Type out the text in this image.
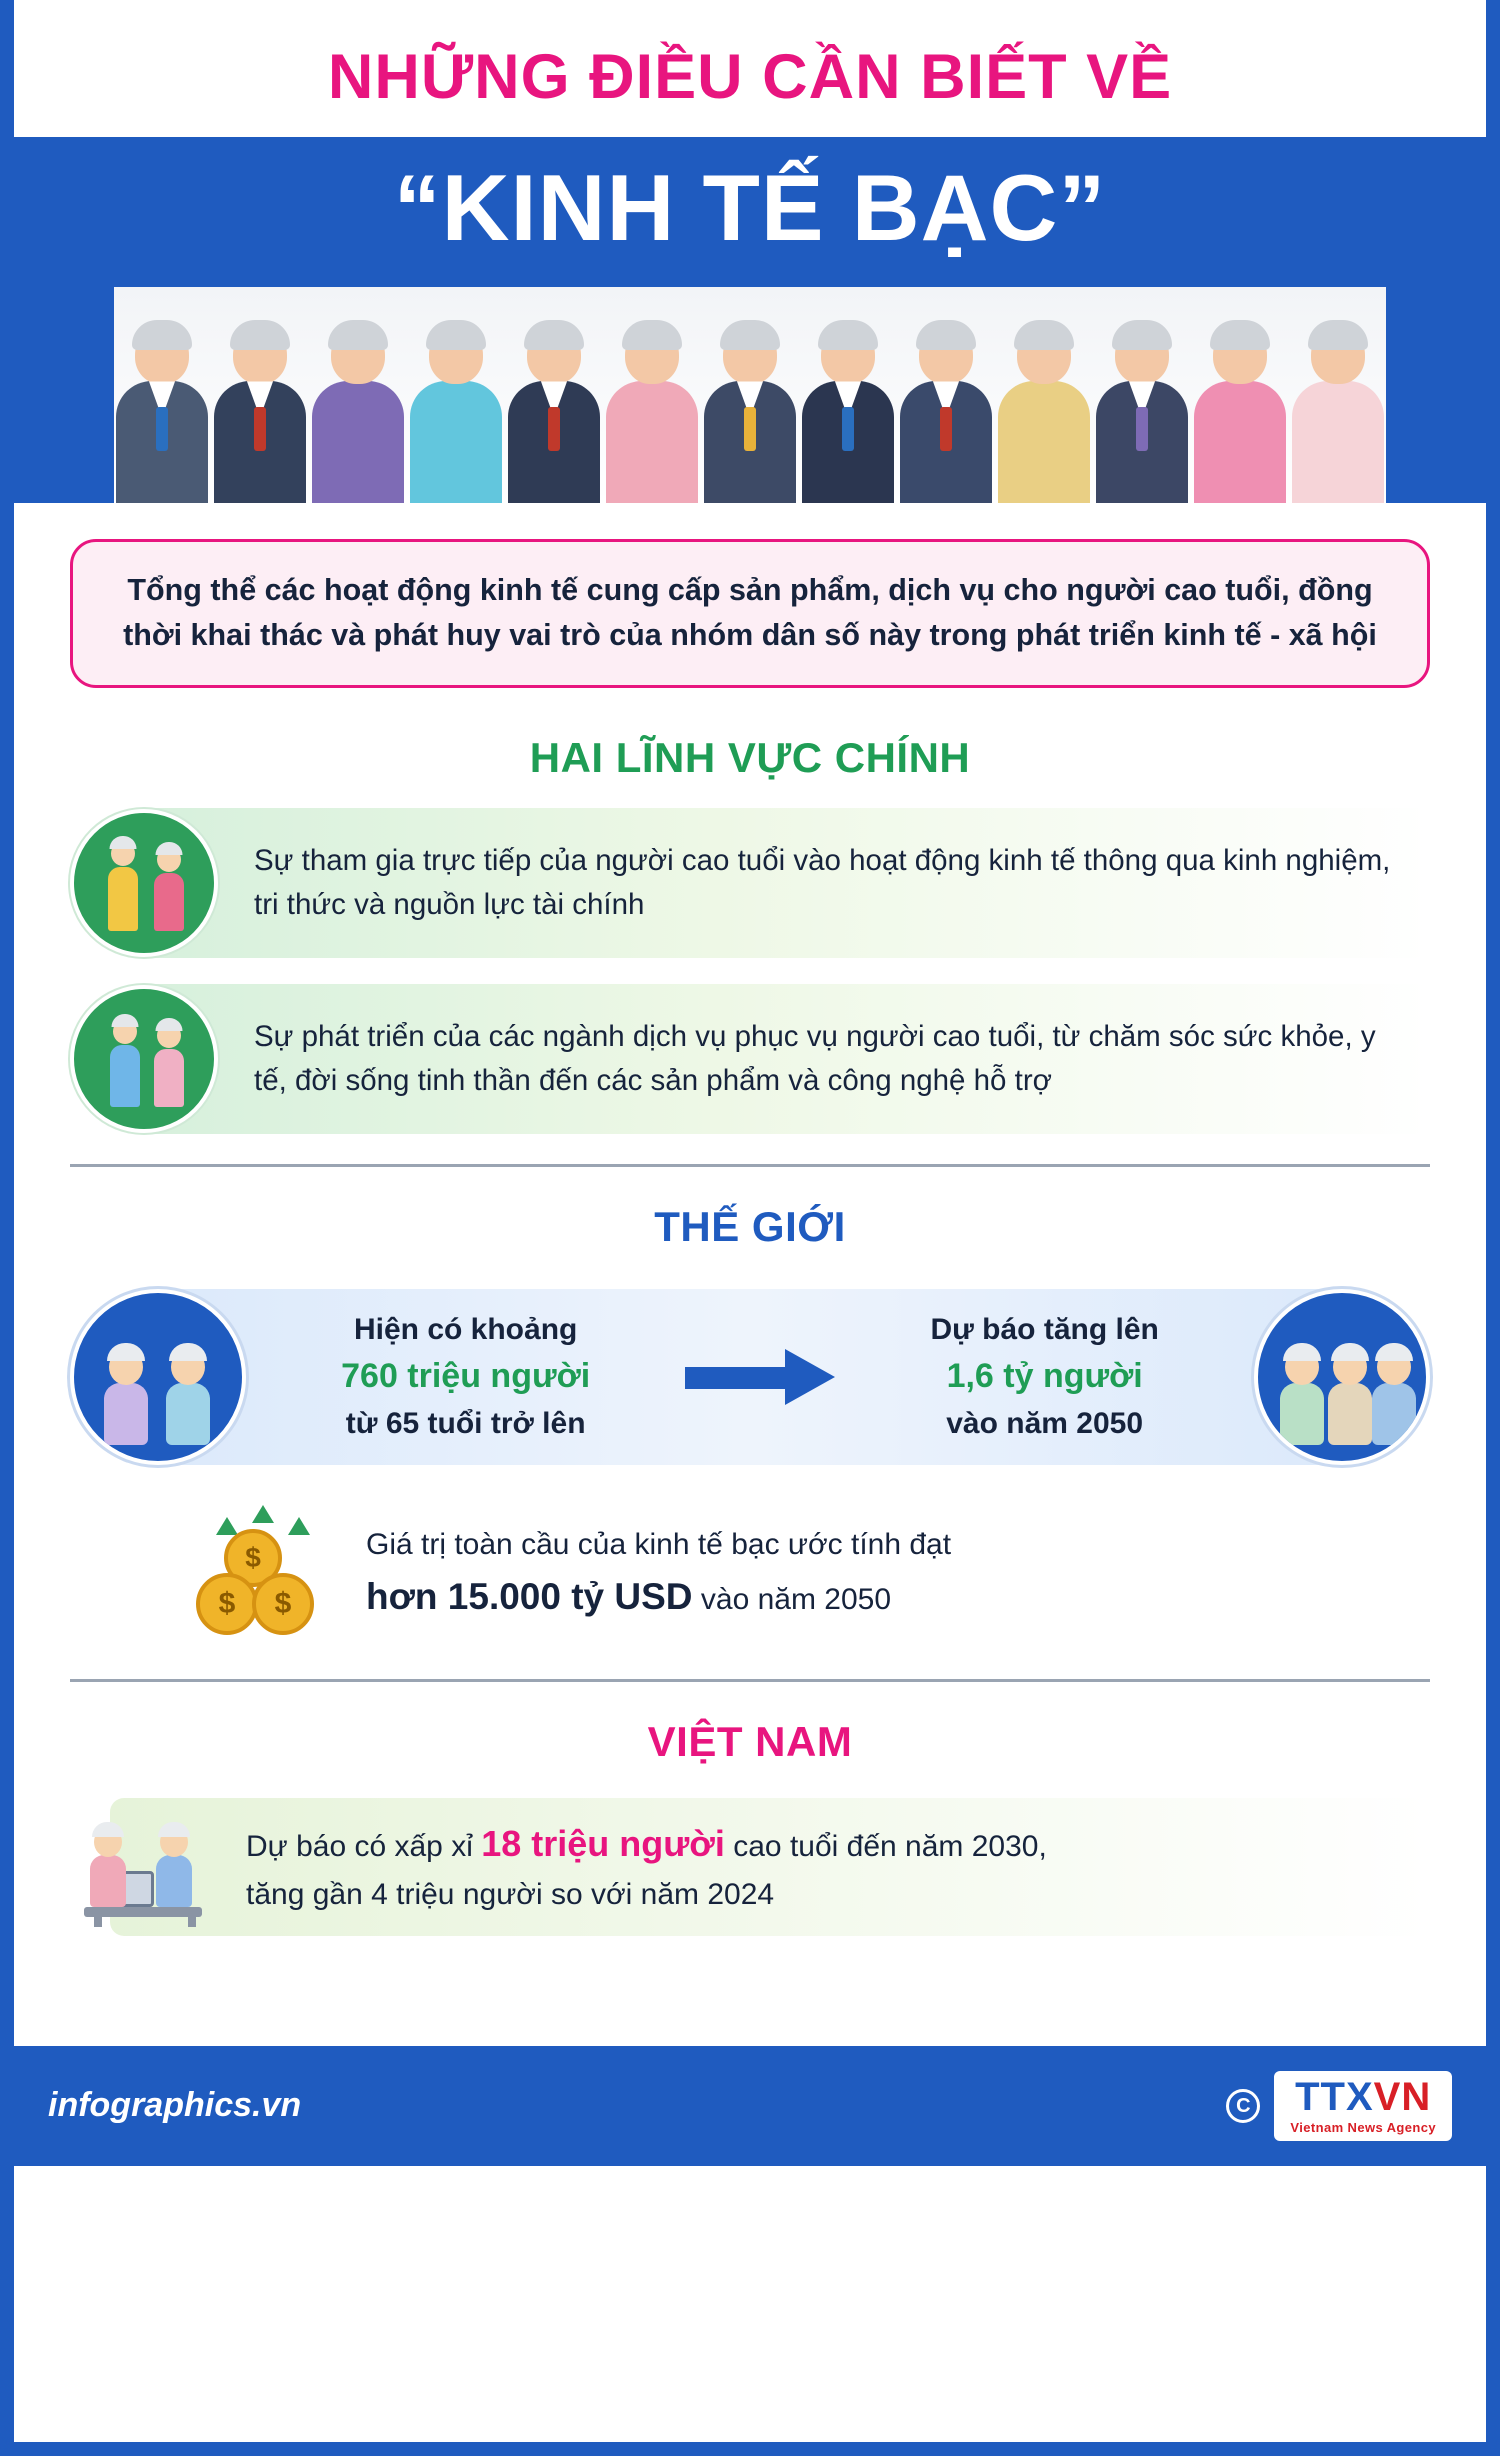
NHỮNG ĐIỀU CẦN BIẾT VỀ
“KINH TẾ BẠC”

Tổng thể các hoạt động kinh tế cung cấp sản phẩm, dịch vụ cho người cao tuổi, đồng thời khai thác và phát huy vai trò của nhóm dân số này trong phát triển kinh tế - xã hội

HAI LĨNH VỰC CHÍNH
Sự tham gia trực tiếp của người cao tuổi vào hoạt động kinh tế thông qua kinh nghiệm, tri thức và nguồn lực tài chính
Sự phát triển của các ngành dịch vụ phục vụ người cao tuổi, từ chăm sóc sức khỏe, y tế, đời sống tinh thần đến các sản phẩm và công nghệ hỗ trợ
THẾ GIỚI
Hiện có khoảng
760 triệu người
từ 65 tuổi trở lên
Dự báo tăng lên
1,6 tỷ người
vào năm 2050
$
$	$
Giá trị toàn cầu của kinh tế bạc ước tính đạt
hơn 15.000 tỷ USD vào năm 2050
VIỆT NAM
Dự báo có xấp xỉ 18 triệu người cao tuổi đến năm 2030,
tăng gần 4 triệu người so với năm 2024
infographics.vn	C TTXVN
Vietnam News Agency
